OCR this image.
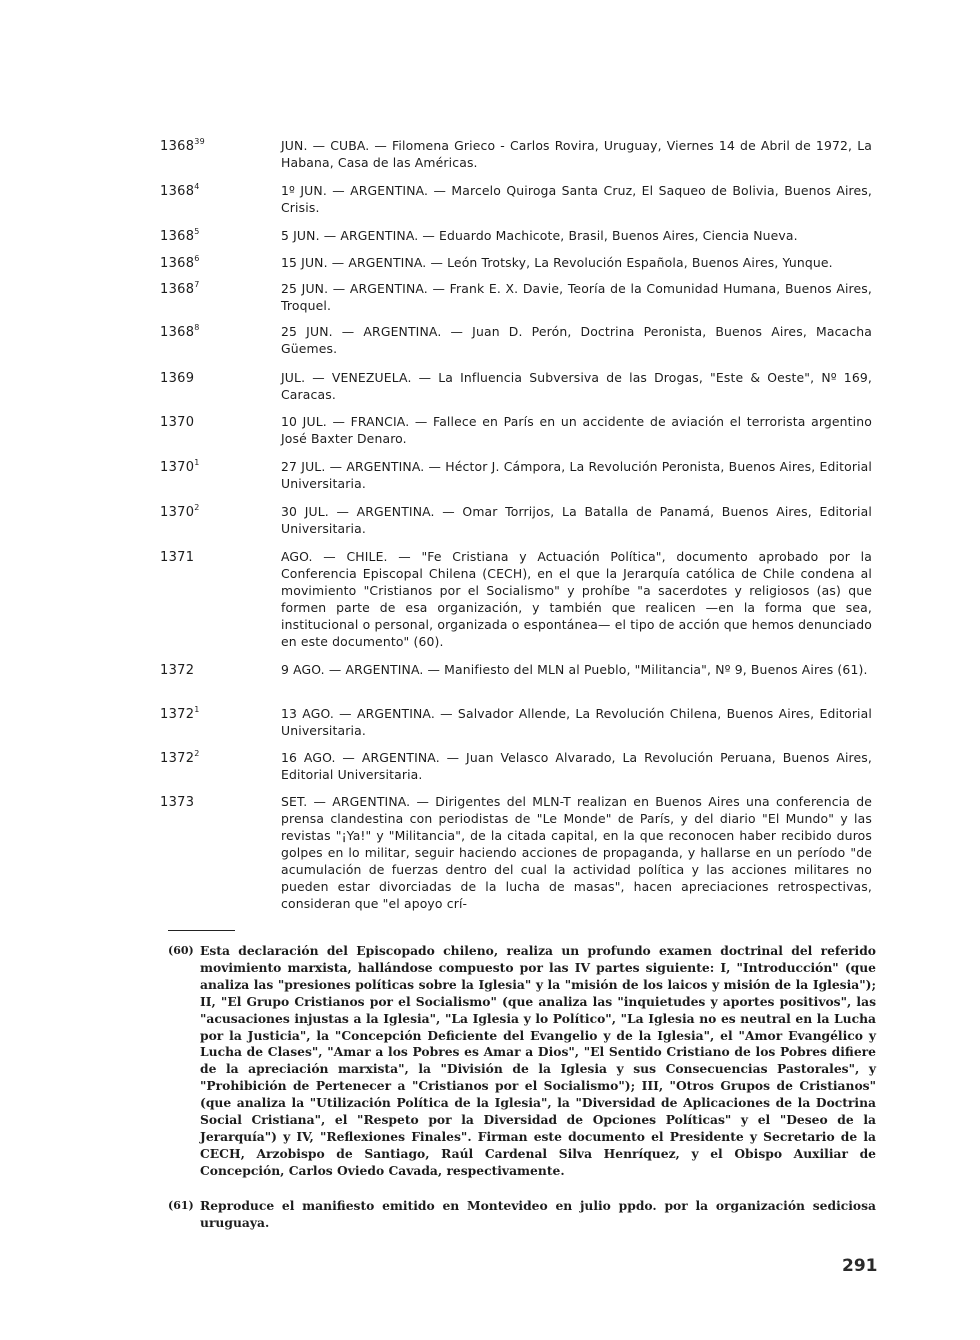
1368$^{39}$	JUN. — CUBA. — Filomena Grieco - Carlos Rovira, Uruguay, Viernes 14 de Abril de 1972, La Habana, Casa de las Américas.
1368$^4$	1º JUN. — ARGENTINA. — Marcelo Quiroga Santa Cruz, El Saqueo de Bolivia, Buenos Aires, Crisis.
1368$^5$	5 JUN. — ARGENTINA. — Eduardo Machicote, Brasil, Buenos Aires, Ciencia Nueva.
1368$^6$	15 JUN. — ARGENTINA. — León Trotsky, La Revolución Española, Buenos Aires, Yunque.
1368$^7$	25 JUN. — ARGENTINA. — Frank E. X. Davie, Teoría de la Comunidad Humana, Buenos Aires, Troquel.
1368$^8$	25 JUN. — ARGENTINA. — Juan D. Perón, Doctrina Peronista, Buenos Aires, Macacha Güemes.
1369	JUL. — VENEZUELA. — La Influencia Subversiva de las Drogas, "Este & Oeste", Nº 169, Caracas.
1370	10 JUL. — FRANCIA. — Fallece en París en un accidente de aviación el terrorista argentino José Baxter Denaro.
1370$^1$	27 JUL. — ARGENTINA. — Héctor J. Cámpora, La Revolución Peronista, Buenos Aires, Editorial Universitaria.
1370$^2$	30 JUL. — ARGENTINA. — Omar Torrijos, La Batalla de Panamá, Buenos Aires, Editorial Universitaria.
1371	AGO. — CHILE. — "Fe Cristiana y Actuación Política", documento aprobado por la Conferencia Episcopal Chilena (CECH), en el que la Jerarquía católica de Chile condena al movimiento "Cristianos por el Socialismo" y prohíbe "a sacerdotes y religiosos (as) que formen parte de esa organización, y también que realicen —en la forma que sea, institucional o personal, organizada o espontánea— el tipo de acción que hemos denunciado en este documento" (60).
1372	9 AGO. — ARGENTINA. — Manifiesto del MLN al Pueblo, "Militancia", Nº 9, Buenos Aires (61).
1372$^1$	13 AGO. — ARGENTINA. — Salvador Allende, La Revolución Chilena, Buenos Aires, Editorial Universitaria.
1372$^2$	16 AGO. — ARGENTINA. — Juan Velasco Alvarado, La Revolución Peruana, Buenos Aires, Editorial Universitaria.
1373	SET. — ARGENTINA. — Dirigentes del MLN-T realizan en Buenos Aires una conferencia de prensa clandestina con periodistas de "Le Monde" de París, y del diario "El Mundo" y las revistas "¡Ya!" y "Militancia", de la citada capital, en la que reconocen haber recibido duros golpes en lo militar, seguir haciendo acciones de propaganda, y hallarse en un período "de acumulación de fuerzas dentro del cual la actividad política y las acciones militares no pueden estar divorciadas de la lucha de masas", hacen apreciaciones retrospectivas, consideran que "el apoyo crí-
(60) Esta declaración del Episcopado chileno, realiza un profundo examen doctrinal del referido movimiento marxista, hallándose compuesto por las IV partes siguiente: I, "Introducción" (que analiza las "presiones políticas sobre la Iglesia" y la "misión de los laicos y misión de la Iglesia"); II, "El Grupo Cristianos por el Socialismo" (que analiza las "inquietudes y aportes positivos", las "acusaciones injustas a la Iglesia", "La Iglesia y lo Político", "La Iglesia no es neutral en la Lucha por la Justicia", la "Concepción Deficiente del Evangelio y de la Iglesia", el "Amor Evangélico y Lucha de Clases", "Amar a los Pobres es Amar a Dios", "El Sentido Cristiano de los Pobres difiere de la apreciación marxista", la "División de la Iglesia y sus Consecuencias Pastorales", y "Prohibición de Pertenecer a "Cristianos por el Socialismo"); III, "Otros Grupos de Cristianos" (que analiza la "Utilización Política de la Iglesia", la "Diversidad de Aplicaciones de la Doctrina Social Cristiana", el "Respeto por la Diversidad de Opciones Políticas" y el "Deseo de la Jerarquía") y IV, "Reflexiones Finales". Firman este documento el Presidente y Secretario de la CECH, Arzobispo de Santiago, Raúl Cardenal Silva Henríquez, y el Obispo Auxiliar de Concepción, Carlos Oviedo Cavada, respectivamente.
(61) Reproduce el manifiesto emitido en Montevideo en julio ppdo. por la organización sediciosa uruguaya.
291
